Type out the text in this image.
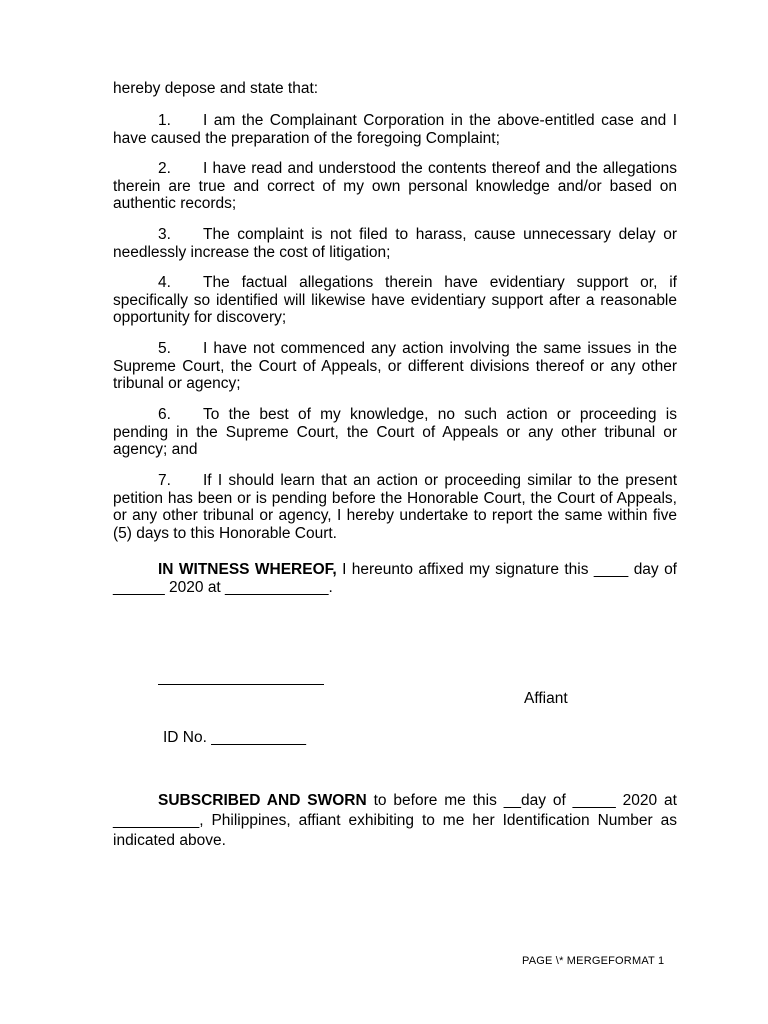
hereby depose and state that:
1. I am the Complainant Corporation in the above-entitled case and I have caused the preparation of the foregoing Complaint;
2. I have read and understood the contents thereof and the allegations therein are true and correct of my own personal knowledge and/or based on authentic records;
3. The complaint is not filed to harass, cause unnecessary delay or needlessly increase the cost of litigation;
4. The factual allegations therein have evidentiary support or, if specifically so identified will likewise have evidentiary support after a reasonable opportunity for discovery;
5. I have not commenced any action involving the same issues in the Supreme Court, the Court of Appeals, or different divisions thereof or any other tribunal or agency;
6. To the best of my knowledge, no such action or proceeding is pending in the Supreme Court, the Court of Appeals or any other tribunal or agency; and
7. If I should learn that an action or proceeding similar to the present petition has been or is pending before the Honorable Court, the Court of Appeals, or any other tribunal or agency, I hereby undertake to report the same within five (5) days to this Honorable Court.
IN WITNESS WHEREOF, I hereunto affixed my signature this ____ day of ______ 2020 at ____________.
Affiant
ID No. ___________
SUBSCRIBED AND SWORN to before me this __day of _____ 2020 at __________, Philippines, affiant exhibiting to me her Identification Number as indicated above.
PAGE \* MERGEFORMAT 1
